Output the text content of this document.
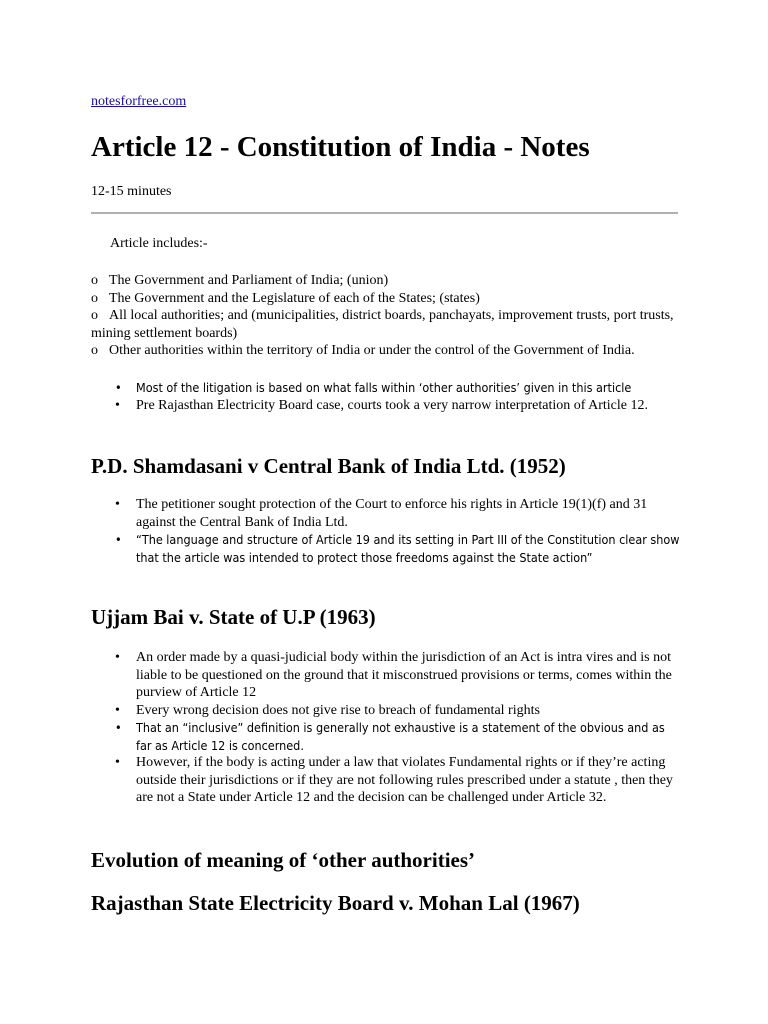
notesforfree.com
Article 12 - Constitution of India - Notes
12-15 minutes
Article includes:-
o The Government and Parliament of India; (union)
o The Government and the Legislature of each of the States; (states)
o All local authorities; and (municipalities, district boards, panchayats, improvement trusts, port trusts, mining settlement boards)
o Other authorities within the territory of India or under the control of the Government of India.
• Most of the litigation is based on what falls within ‘other authorities’ given in this article
• Pre Rajasthan Electricity Board case, courts took a very narrow interpretation of Article 12.
P.D. Shamdasani v Central Bank of India Ltd. (1952)
• The petitioner sought protection of the Court to enforce his rights in Article 19(1)(f) and 31 against the Central Bank of India Ltd.
• “The language and structure of Article 19 and its setting in Part III of the Constitution clear show that the article was intended to protect those freedoms against the State action”
Ujjam Bai v. State of U.P (1963)
• An order made by a quasi-judicial body within the jurisdiction of an Act is intra vires and is not liable to be questioned on the ground that it misconstrued provisions or terms, comes within the purview of Article 12
• Every wrong decision does not give rise to breach of fundamental rights
• That an “inclusive” definition is generally not exhaustive is a statement of the obvious and as far as Article 12 is concerned.
• However, if the body is acting under a law that violates Fundamental rights or if they’re acting outside their jurisdictions or if they are not following rules prescribed under a statute , then they are not a State under Article 12 and the decision can be challenged under Article 32.
Evolution of meaning of ‘other authorities’
Rajasthan State Electricity Board v. Mohan Lal (1967)
